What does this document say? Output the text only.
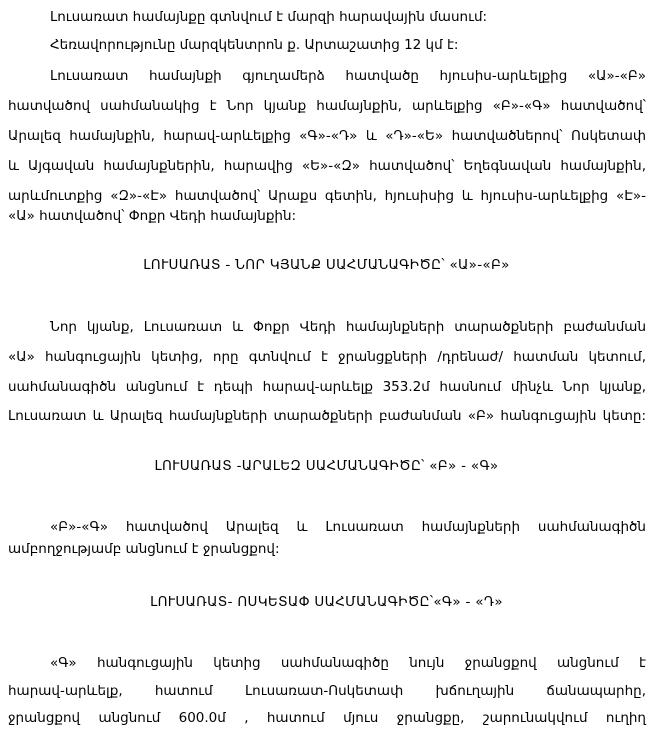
Լուսառատ համայնքը գտնվում է մարզի հարավային մասում:
Հեռավորությունը մարզկենտրոն ք. Արտաշատից 12 կմ է:
Լուսառատ համայնքի գյուղամերձ հատվածը հյուսիս-արևելքից «Ա»-«Բ»
հատվածով սահմանակից է Նոր կյանք համայնքին, արևելքից «Բ»-«Գ» հատվածով՝
Արալեզ համայնքին, հարավ-արևելքից «Գ»-«Դ» և «Դ»-«Ե» հատվածներով՝ Ոսկետափ
և Այգավան համայնքներին, հարավից «Ե»-«Զ» հատվածով՝ Եղեգնավան համայնքին,
արևմուտքից «Զ»-«Է» հատվածով՝ Արաքս գետին, հյուսիսից և հյուսիս-արևելքից «Է»-
«Ա» հատվածով՝ Փոքր Վեդի համայնքին:
ԼՈՒՍԱՌԱՏ - ՆՈՐ ԿՅԱՆՔ ՍԱՀՄԱՆԱԳԻԾԸ՝ «Ա»-«Բ»
Նոր կյանք, Լուսառատ և Փոքր Վեդի համայնքների տարածքների բաժանման
«Ա» հանգուցային կետից, որը գտնվում է ջրանցքների /դրենաժ/ հատման կետում,
սահմանագիծն անցնում է դեպի հարավ-արևելք 353.2մ հասնում մինչև Նոր կյանք,
Լուսառատ և Արալեզ համայնքների տարածքների բաժանման «Բ» հանգուցային կետը:
ԼՈՒՍԱՌԱՏ -ԱՐԱԼԵԶ ՍԱՀՄԱՆԱԳԻԾԸ՝ «Բ» - «Գ»
«Բ»-«Գ» հատվածով Արալեզ և Լուսառատ համայնքների սահմանագիծն
ամբողջությամբ անցնում է ջրանցքով:
ԼՈՒՍԱՌԱՏ- ՈՍԿԵՏԱՓ ՍԱՀՄԱՆԱԳԻԾԸ՝«Գ» - «Դ»
«Գ» հանգուցային կետից սահմանագիծը նույն ջրանցքով անցնում է
հարավ-արևելք, հատում Լուսառատ-Ոսկետափ խճուղային ճանապարհը,
ջրանցքով անցնում 600.0մ , հատում մյուս ջրանցքը, շարունակվում ուղիղ
